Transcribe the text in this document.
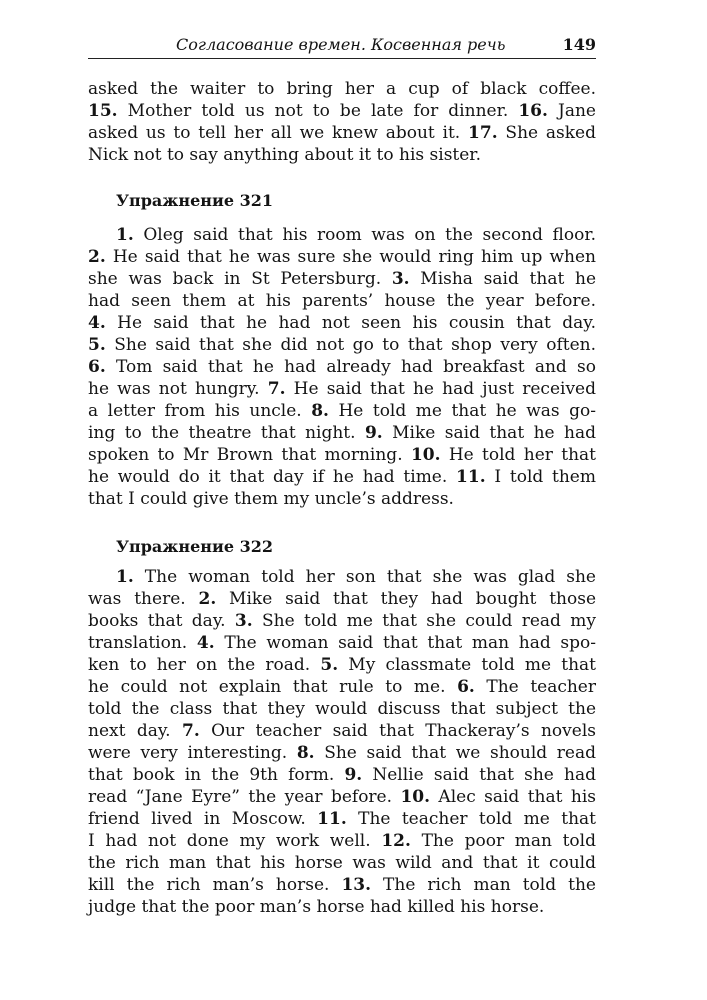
Согласование времен. Косвенная речь	149
asked the waiter to bring her a cup of black coffee.
15. Mother told us not to be late for dinner. 16. Jane
asked us to tell her all we knew about it. 17. She asked
Nick not to say anything about it to his sister.
Упражнение 321
1. Oleg said that his room was on the second floor.
2. He said that he was sure she would ring him up when
she was back in St Petersburg. 3. Misha said that he
had seen them at his parents’ house the year before.
4. He said that he had not seen his cousin that day.
5. She said that she did not go to that shop very often.
6. Tom said that he had already had breakfast and so
he was not hungry. 7. He said that he had just received
a letter from his uncle. 8. He told me that he was go-
ing to the theatre that night. 9. Mike said that he had
spoken to Mr Brown that morning. 10. He told her that
he would do it that day if he had time. 11. I told them
that I could give them my uncle’s address.
Упражнение 322
1. The woman told her son that she was glad she
was there. 2. Mike said that they had bought those
books that day. 3. She told me that she could read my
translation. 4. The woman said that that man had spo-
ken to her on the road. 5. My classmate told me that
he could not explain that rule to me. 6. The teacher
told the class that they would discuss that subject the
next day. 7. Our teacher said that Thackeray’s novels
were very interesting. 8. She said that we should read
that book in the 9th form. 9. Nellie said that she had
read “Jane Eyre” the year before. 10. Alec said that his
friend lived in Moscow. 11. The teacher told me that
I had not done my work well. 12. The poor man told
the rich man that his horse was wild and that it could
kill the rich man’s horse. 13. The rich man told the
judge that the poor man’s horse had killed his horse.
